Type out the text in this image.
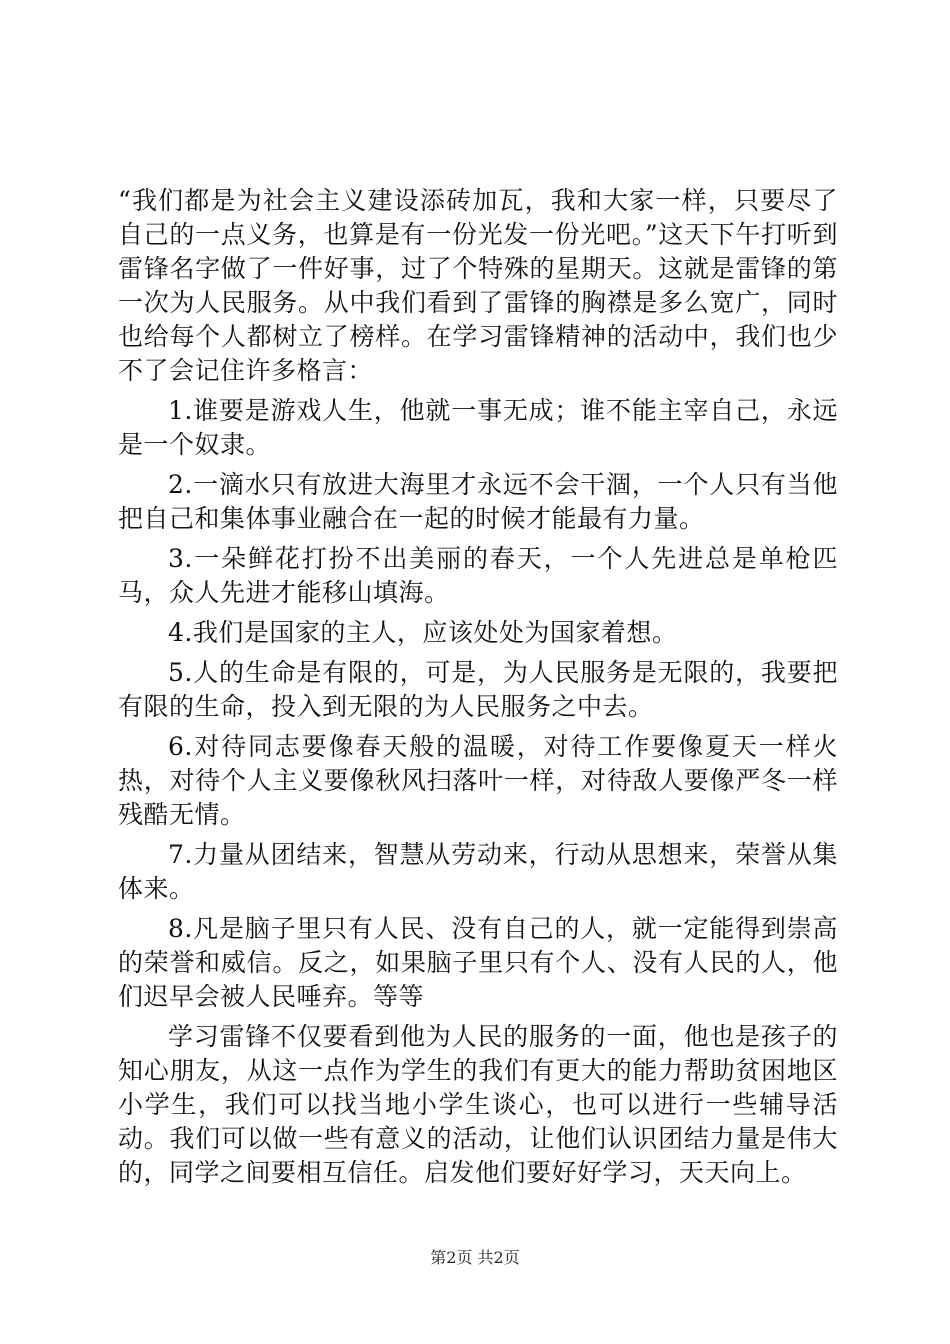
“我们都是为社会主义建设添砖加瓦，我和大家一样，只要尽了自己的一点义务，也算是有一份光发一份光吧。”这天下午打听到雷锋名字做了一件好事，过了个特殊的星期天。这就是雷锋的第一次为人民服务。从中我们看到了雷锋的胸襟是多么宽广，同时也给每个人都树立了榜样。在学习雷锋精神的活动中，我们也少不了会记住许多格言：

1.谁要是游戏人生，他就一事无成；谁不能主宰自己，永远是一个奴隶。

2.一滴水只有放进大海里才永远不会干涸，一个人只有当他把自己和集体事业融合在一起的时候才能最有力量。

3.一朵鲜花打扮不出美丽的春天，一个人先进总是单枪匹马，众人先进才能移山填海。

4.我们是国家的主人，应该处处为国家着想。

5.人的生命是有限的，可是，为人民服务是无限的，我要把有限的生命，投入到无限的为人民服务之中去。

6.对待同志要像春天般的温暖，对待工作要像夏天一样火热，对待个人主义要像秋风扫落叶一样，对待敌人要像严冬一样残酷无情。

7.力量从团结来，智慧从劳动来，行动从思想来，荣誉从集体来。

8.凡是脑子里只有人民、没有自己的人，就一定能得到崇高的荣誉和威信。反之，如果脑子里只有个人、没有人民的人，他们迟早会被人民唾弃。等等

学习雷锋不仅要看到他为人民的服务的一面，他也是孩子的知心朋友，从这一点作为学生的我们有更大的能力帮助贫困地区小学生，我们可以找当地小学生谈心，也可以进行一些辅导活动。我们可以做一些有意义的活动，让他们认识团结力量是伟大的，同学之间要相互信任。启发他们要好好学习，天天向上。

第2页 共2页
